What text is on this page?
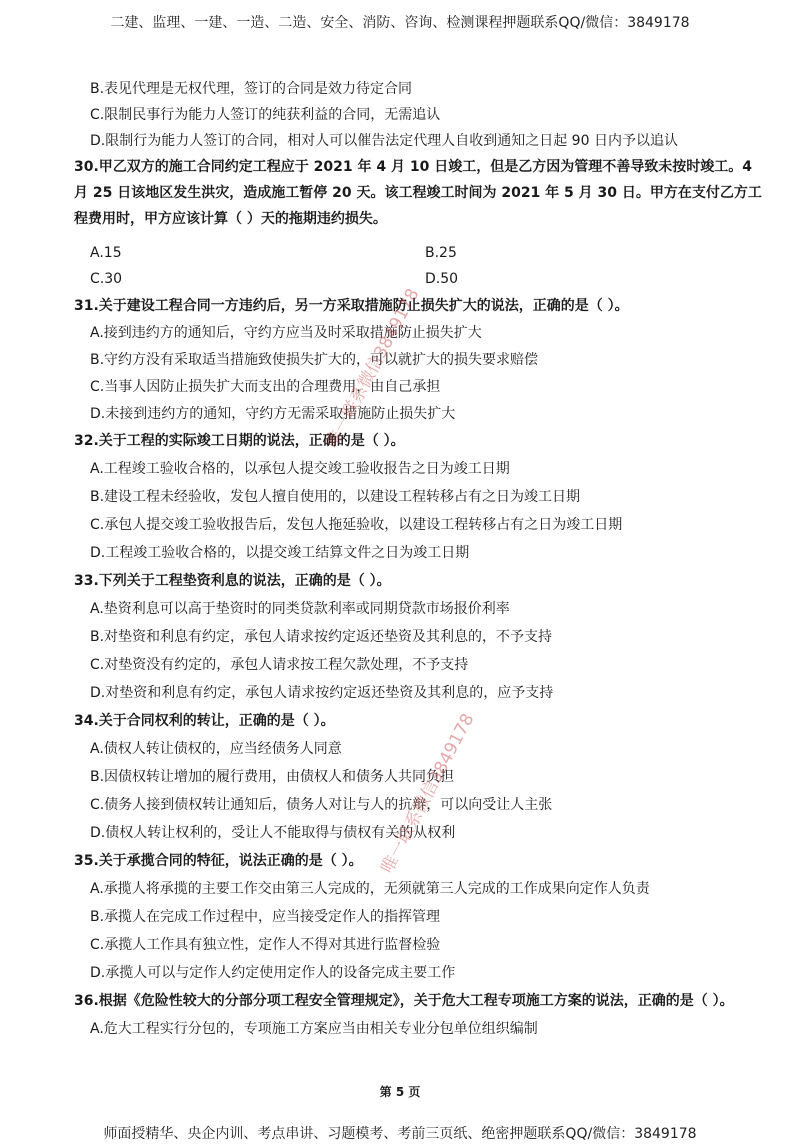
二建、监理、一建、一造、二造、安全、消防、咨询、检测课程押题联系QQ/微信：3849178
B.表见代理是无权代理，签订的合同是效力待定合同
C.限制民事行为能力人签订的纯获利益的合同，无需追认
D.限制行为能力人签订的合同，相对人可以催告法定代理人自收到通知之日起 90 日内予以追认
30.甲乙双方的施工合同约定工程应于 2021 年 4 月 10 日竣工，但是乙方因为管理不善导致未按时竣工。4
月 25 日该地区发生洪灾，造成施工暂停 20 天。该工程竣工时间为 2021 年 5 月 30 日。甲方在支付乙方工
程费用时，甲方应该计算（ ）天的拖期违约损失。
A.15	B.25
C.30	D.50
31.关于建设工程合同一方违约后，另一方采取措施防止损失扩大的说法，正确的是（ ）。
A.接到违约方的通知后，守约方应当及时采取措施防止损失扩大
B.守约方没有采取适当措施致使损失扩大的，可以就扩大的损失要求赔偿
C.当事人因防止损失扩大而支出的合理费用，由自己承担
D.未接到违约方的通知，守约方无需采取措施防止损失扩大
32.关于工程的实际竣工日期的说法，正确的是（ ）。
A.工程竣工验收合格的，以承包人提交竣工验收报告之日为竣工日期
B.建设工程未经验收，发包人擅自使用的，以建设工程转移占有之日为竣工日期
C.承包人提交竣工验收报告后，发包人拖延验收，以建设工程转移占有之日为竣工日期
D.工程竣工验收合格的，以提交竣工结算文件之日为竣工日期
33.下列关于工程垫资利息的说法，正确的是（ ）。
A.垫资利息可以高于垫资时的同类贷款利率或同期贷款市场报价利率
B.对垫资和利息有约定，承包人请求按约定返还垫资及其利息的，不予支持
C.对垫资没有约定的，承包人请求按工程欠款处理，不予支持
D.对垫资和利息有约定，承包人请求按约定返还垫资及其利息的，应予支持
34.关于合同权利的转让，正确的是（ ）。
A.债权人转让债权的，应当经债务人同意
B.因债权转让增加的履行费用，由债权人和债务人共同负担
C.债务人接到债权转让通知后，债务人对让与人的抗辩，可以向受让人主张
D.债权人转让权利的，受让人不能取得与债权有关的从权利
35.关于承揽合同的特征，说法正确的是（ ）。
A.承揽人将承揽的主要工作交由第三人完成的，无须就第三人完成的工作成果向定作人负责
B.承揽人在完成工作过程中，应当接受定作人的指挥管理
C.承揽人工作具有独立性，定作人不得对其进行监督检验
D.承揽人可以与定作人约定使用定作人的设备完成主要工作
36.根据《危险性较大的分部分项工程安全管理规定》，关于危大工程专项施工方案的说法，正确的是（ ）。
A.危大工程实行分包的，专项施工方案应当由相关专业分包单位组织编制
唯一联系微信3849178
唯一联系微信3849178
第 5 页
师面授精华、央企内训、考点串讲、习题模考、考前三页纸、绝密押题联系QQ/微信：3849178
